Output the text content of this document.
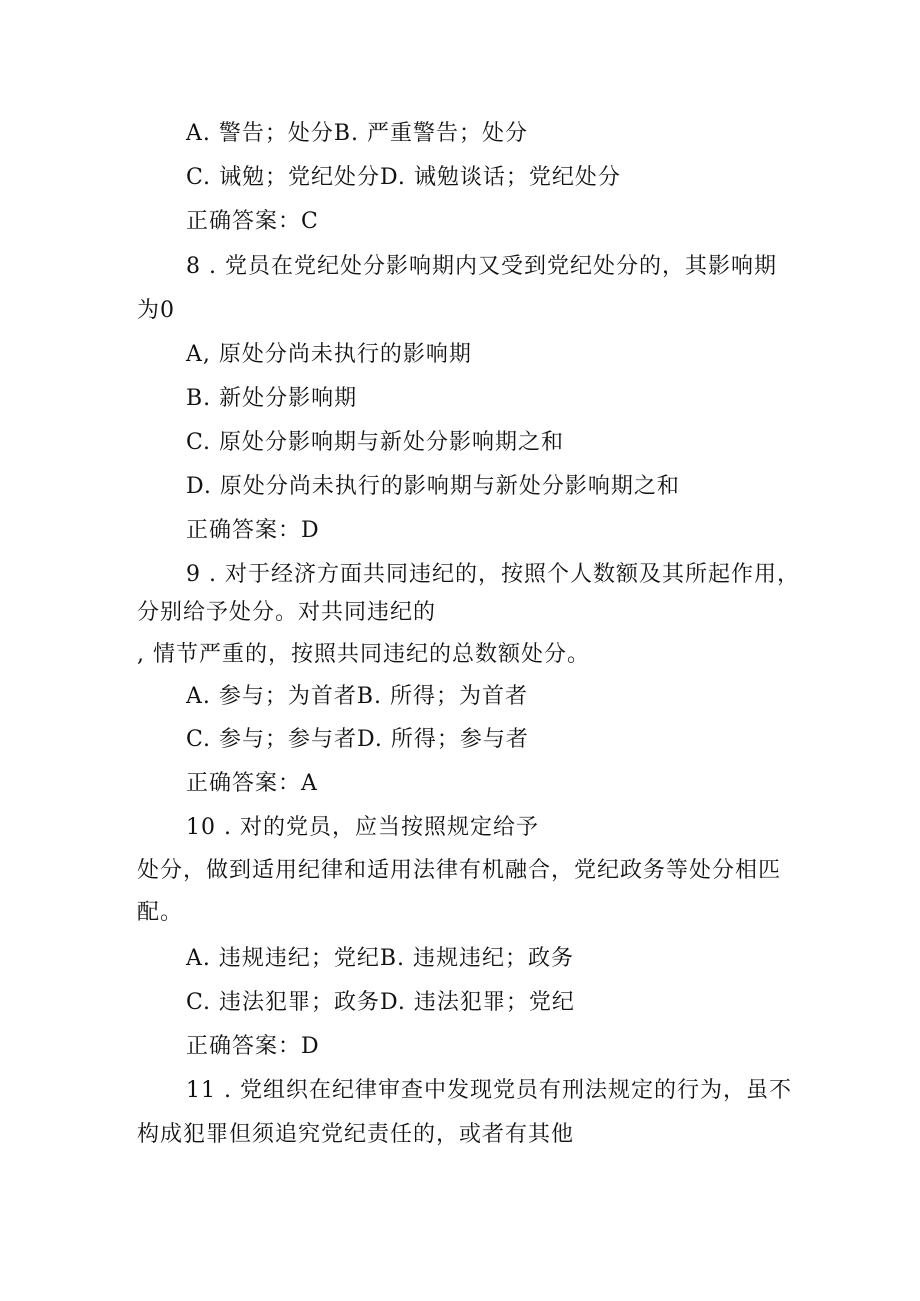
A. 警告；处分B. 严重警告；处分
C. 诫勉；党纪处分D. 诫勉谈话；党纪处分
正确答案：C
8 . 党员在党纪处分影响期内又受到党纪处分的，其影响期
为0
A, 原处分尚未执行的影响期
B. 新处分影响期
C. 原处分影响期与新处分影响期之和
D. 原处分尚未执行的影响期与新处分影响期之和
正确答案：D
9 . 对于经济方面共同违纪的，按照个人数额及其所起作用，
分别给予处分。对共同违纪的
, 情节严重的，按照共同违纪的总数额处分。
A. 参与；为首者B. 所得；为首者
C. 参与；参与者D. 所得；参与者
正确答案：A
10 . 对的党员，应当按照规定给予
处分，做到适用纪律和适用法律有机融合，党纪政务等处分相匹
配。
A. 违规违纪；党纪B. 违规违纪；政务
C. 违法犯罪；政务D. 违法犯罪；党纪
正确答案：D
11 . 党组织在纪律审查中发现党员有刑法规定的行为，虽不
构成犯罪但须追究党纪责任的，或者有其他
